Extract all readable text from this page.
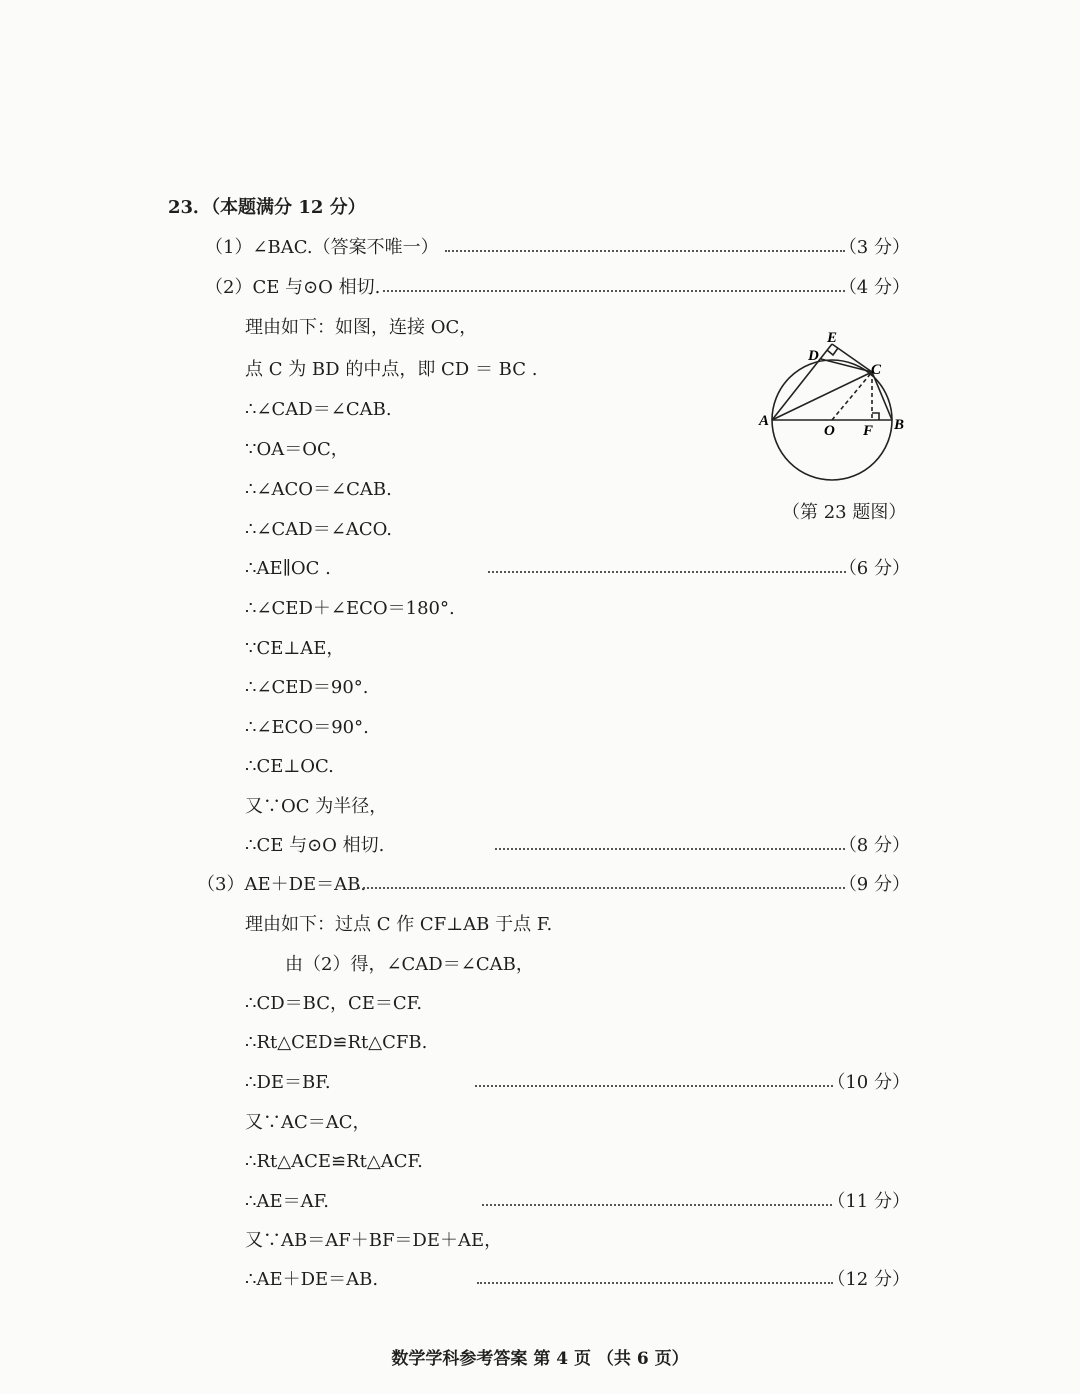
23．（本题满分 12 分）
（1）∠BAC.（答案不唯一）	（3 分）
（2）CE 与⊙O 相切.	（4 分）
理由如下：如图，连接 OC，
点 C 为 BD 的中点，即 CD ＝ BC .
∴∠CAD＝∠CAB.
∵OA＝OC，
∴∠ACO＝∠CAB.
∴∠CAD＝∠ACO.
∴AE∥OC .	（6 分）
∴∠CED＋∠ECO＝180°.
∵CE⊥AE，
∴∠CED＝90°.
∴∠ECO＝90°.
∴CE⊥OC.
又∵OC 为半径，
∴CE 与⊙O 相切.	（8 分）
（3）AE＋DE＝AB.	（9 分）
理由如下：过点 C 作 CF⊥AB 于点 F.
由（2）得，∠CAD＝∠CAB，
∴CD＝BC，CE＝CF.
∴Rt△CED≌Rt△CFB.
∴DE＝BF.	（10 分）
又∵AC＝AC，
∴Rt△ACE≌Rt△ACF.
∴AE＝AF.	（11 分）
又∵AB＝AF＋BF＝DE＋AE，
∴AE＋DE＝AB.	（12 分）
A	B
C
D
E
O F
（第 23 题图）
数学学科参考答案 第 4 页 （共 6 页）
